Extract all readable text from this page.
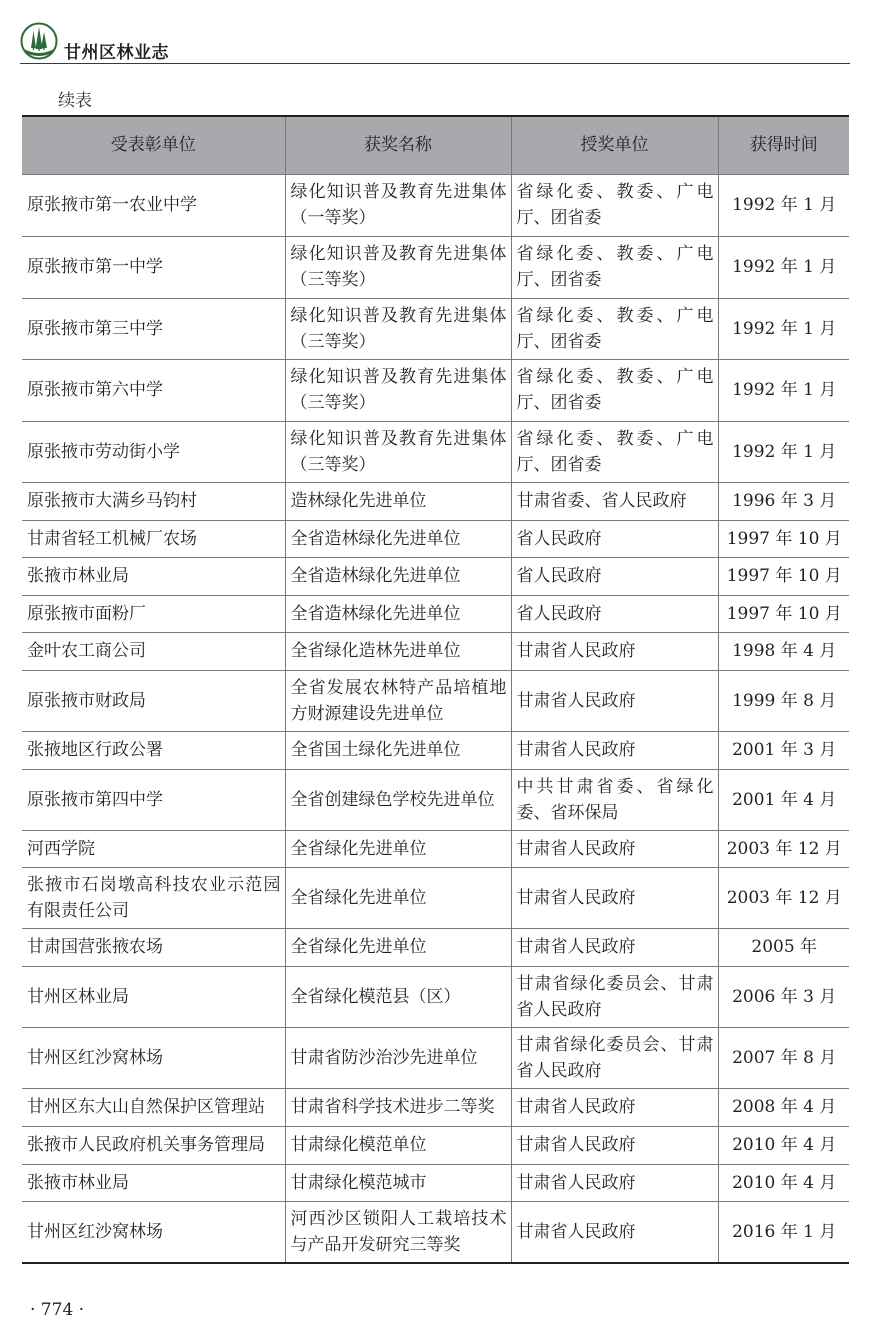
甘州区林业志
续表
受表彰单位	获奖名称	授奖单位	获得时间
原张掖市第一农业中学	绿化知识普及教育先进集体（一等奖）	省绿化委、教委、广电厅、团省委	1992 年 1 月
原张掖市第一中学	绿化知识普及教育先进集体（三等奖）	省绿化委、教委、广电厅、团省委	1992 年 1 月
原张掖市第三中学	绿化知识普及教育先进集体（三等奖）	省绿化委、教委、广电厅、团省委	1992 年 1 月
原张掖市第六中学	绿化知识普及教育先进集体（三等奖）	省绿化委、教委、广电厅、团省委	1992 年 1 月
原张掖市劳动街小学	绿化知识普及教育先进集体（三等奖）	省绿化委、教委、广电厅、团省委	1992 年 1 月
原张掖市大满乡马钧村	造林绿化先进单位	甘肃省委、省人民政府	1996 年 3 月
甘肃省轻工机械厂农场	全省造林绿化先进单位	省人民政府	1997 年 10 月
张掖市林业局	全省造林绿化先进单位	省人民政府	1997 年 10 月
原张掖市面粉厂	全省造林绿化先进单位	省人民政府	1997 年 10 月
金叶农工商公司	全省绿化造林先进单位	甘肃省人民政府	1998 年 4 月
原张掖市财政局	全省发展农林特产品培植地方财源建设先进单位	甘肃省人民政府	1999 年 8 月
张掖地区行政公署	全省国土绿化先进单位	甘肃省人民政府	2001 年 3 月
原张掖市第四中学	全省创建绿色学校先进单位	中共甘肃省委、省绿化委、省环保局	2001 年 4 月
河西学院	全省绿化先进单位	甘肃省人民政府	2003 年 12 月
张掖市石岗墩高科技农业示范园有限责任公司	全省绿化先进单位	甘肃省人民政府	2003 年 12 月
甘肃国营张掖农场	全省绿化先进单位	甘肃省人民政府	2005 年
甘州区林业局	全省绿化模范县（区）	甘肃省绿化委员会、甘肃省人民政府	2006 年 3 月
甘州区红沙窝林场	甘肃省防沙治沙先进单位	甘肃省绿化委员会、甘肃省人民政府	2007 年 8 月
甘州区东大山自然保护区管理站	甘肃省科学技术进步二等奖	甘肃省人民政府	2008 年 4 月
张掖市人民政府机关事务管理局	甘肃绿化模范单位	甘肃省人民政府	2010 年 4 月
张掖市林业局	甘肃绿化模范城市	甘肃省人民政府	2010 年 4 月
甘州区红沙窝林场	河西沙区锁阳人工栽培技术与产品开发研究三等奖	甘肃省人民政府	2016 年 1 月
· 774 ·
